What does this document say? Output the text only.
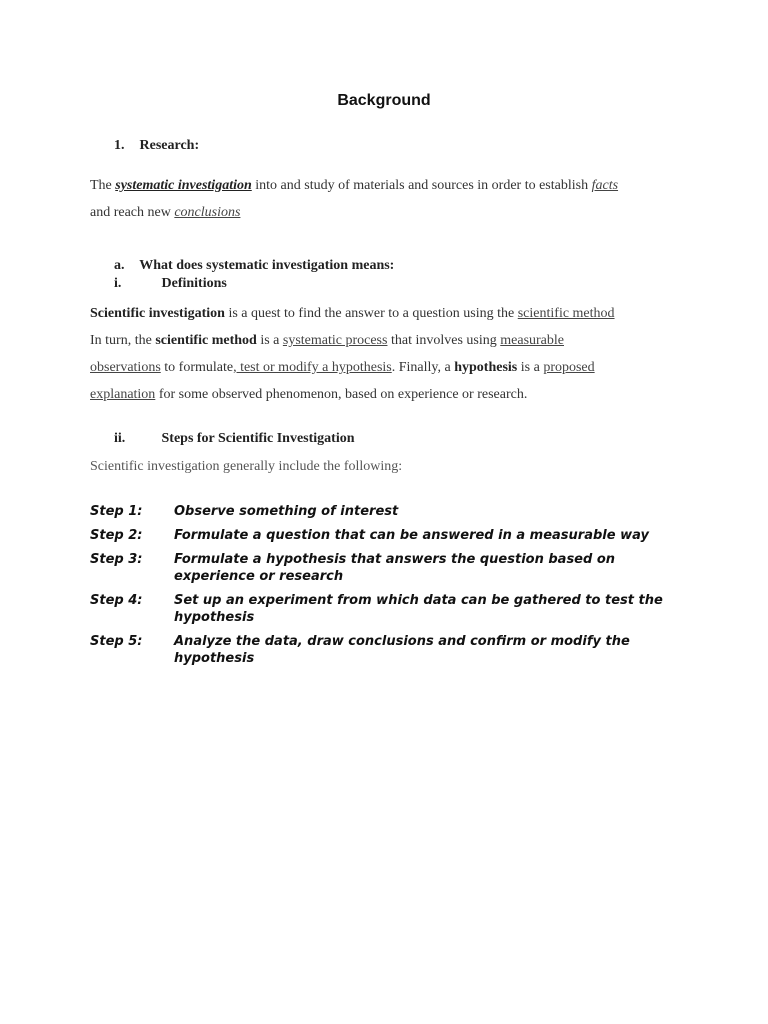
Background
1. Research:
The systematic investigation into and study of materials and sources in order to establish facts
and reach new conclusions
a. What does systematic investigation means:
i.	Definitions
Scientific investigation is a quest to find the answer to a question using the scientific method
In turn, the scientific method is a systematic process that involves using measurable
observations to formulate, test or modify a hypothesis. Finally, a hypothesis is a proposed
explanation for some observed phenomenon, based on experience or research.
ii.	Steps for Scientific Investigation
Scientific investigation generally include the following:
Step 1:	Observe something of interest
Step 2:	Formulate a question that can be answered in a measurable way
Step 3:	Formulate a hypothesis that answers the question based on experience or research
Step 4:	Set up an experiment from which data can be gathered to test the hypothesis
Step 5:	Analyze the data, draw conclusions and confirm or modify the hypothesis
